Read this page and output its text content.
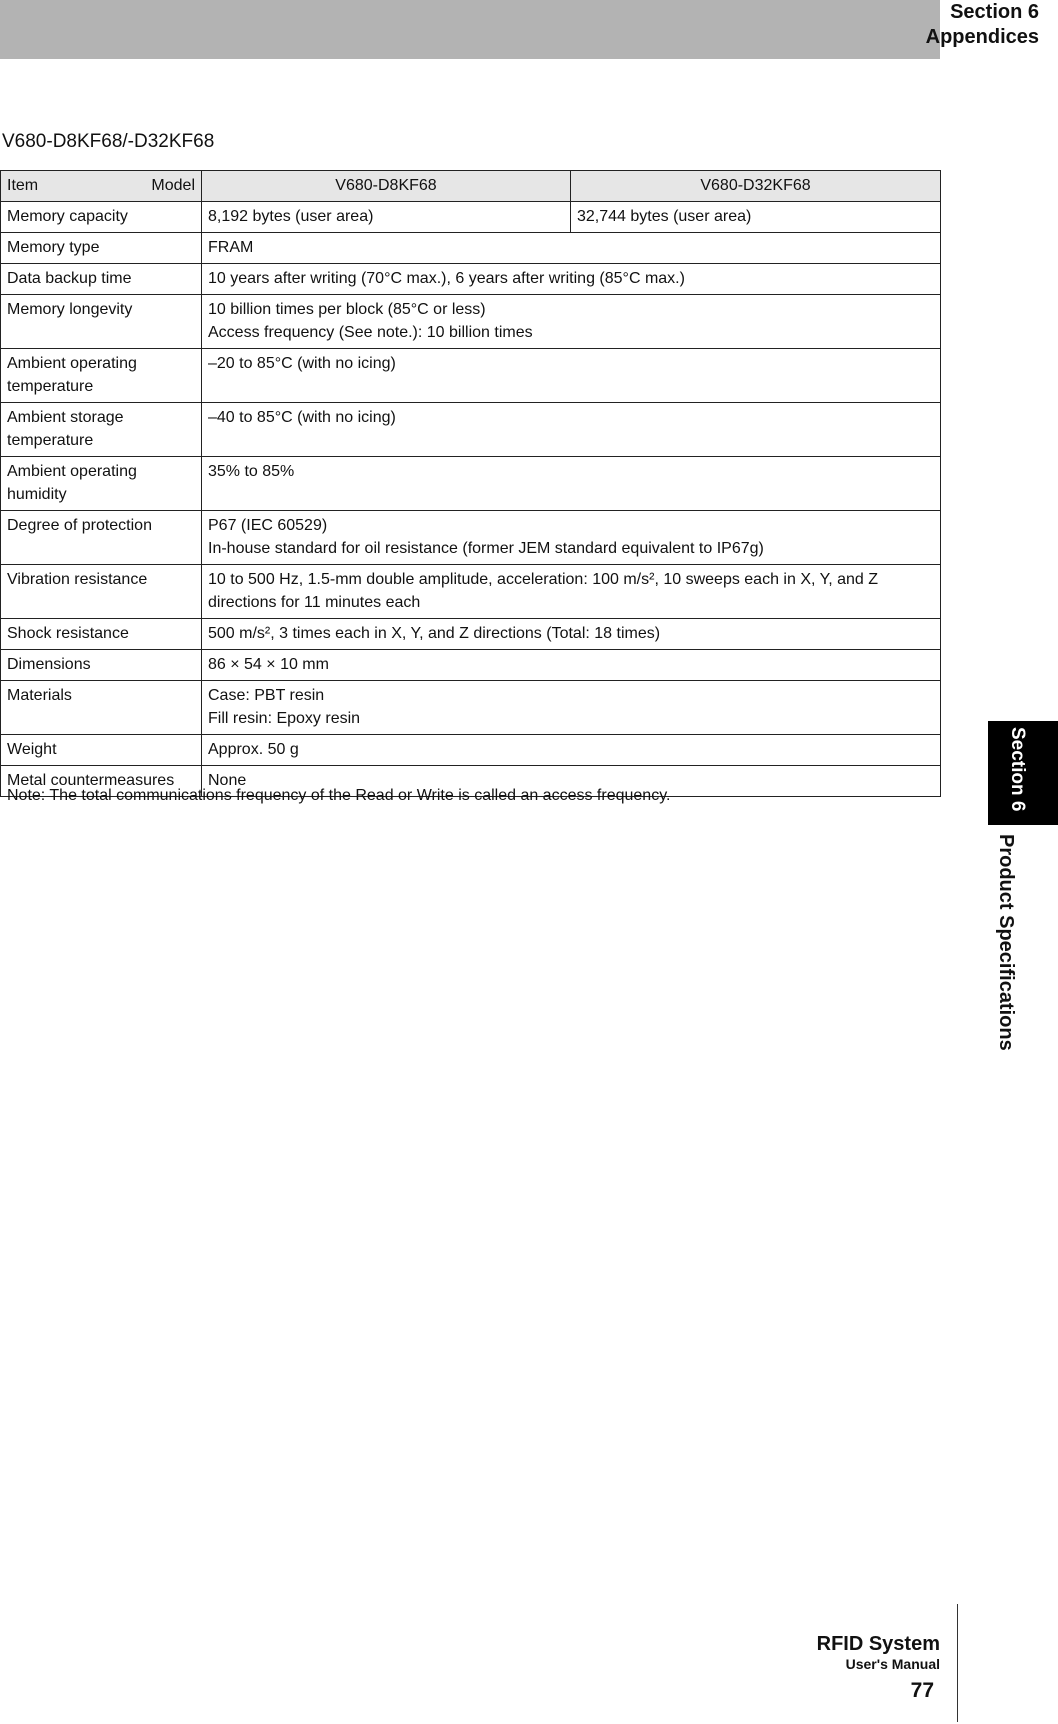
Section 6
Appendices
V680-D8KF68/-D32KF68
Item Model	V680-D8KF68	V680-D32KF68
Memory capacity	8,192 bytes (user area)	32,744 bytes (user area)
Memory type	FRAM	

Data backup time	10 years after writing (70°C max.), 6 years after writing (85°C max.)	

Memory longevity	10 billion times per block (85°C or less)
Access frequency (See note.): 10 billion times	

Ambient operating temperature	–20 to 85°C (with no icing)	

Ambient storage temperature	–40 to 85°C (with no icing)	

Ambient operating humidity	35% to 85%	

Degree of protection	P67 (IEC 60529)
In-house standard for oil resistance (former JEM standard equivalent to IP67g)	

Vibration resistance	10 to 500 Hz, 1.5-mm double amplitude, acceleration: 100 m/s², 10 sweeps each in X, Y, and Z directions for 11 minutes each	

Shock resistance	500 m/s², 3 times each in X, Y, and Z directions (Total: 18 times)	

Dimensions	86 × 54 × 10 mm	

Materials	Case: PBT resin
Fill resin: Epoxy resin	

Weight	Approx. 50 g	

Metal countermeasures	None	
Note: The total communications frequency of the Read or Write is called an access frequency.	Section 6
Product Specifications
RFID System
User's Manual
77
